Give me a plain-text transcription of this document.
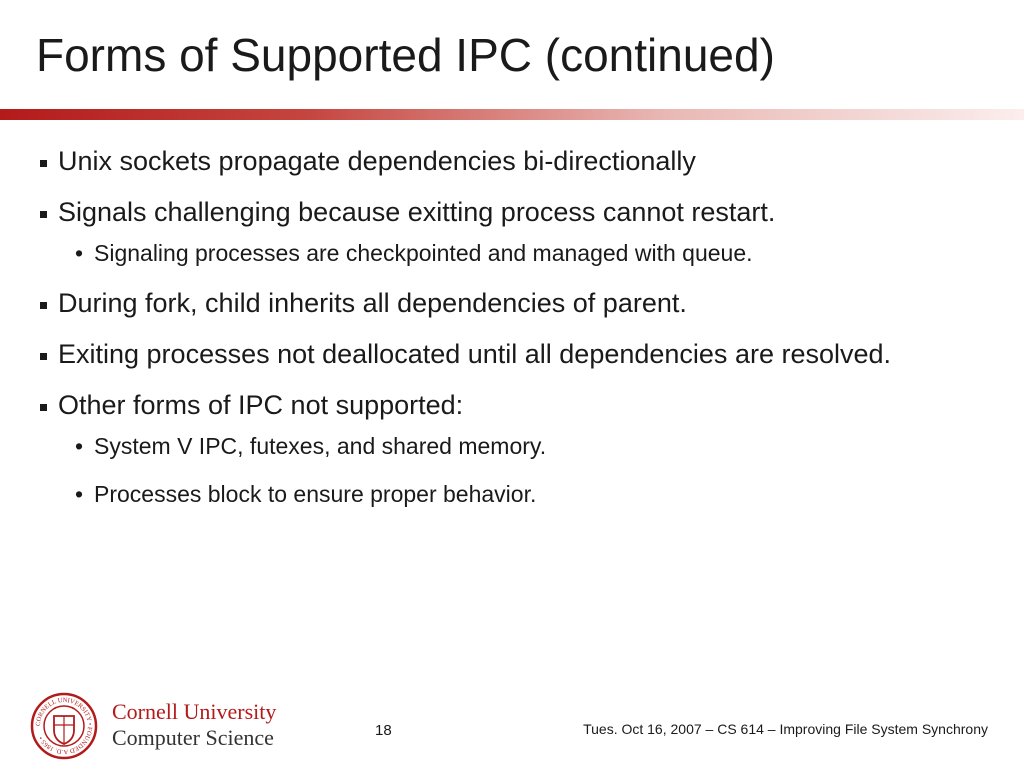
Forms of Supported IPC (continued)
Unix sockets propagate dependencies bi-directionally
Signals challenging because exitting process cannot restart.
• Signaling processes are checkpointed and managed with queue.
During fork, child inherits all dependencies of parent.
Exiting processes not deallocated until all dependencies are resolved.
Other forms of IPC not supported:
• System V IPC, futexes, and shared memory.
• Processes block to ensure proper behavior.
CORNELL UNIVERSITY • FOUNDED A.D. 1865 •
Cornell University
Computer Science	18	Tues. Oct 16, 2007 – CS 614 – Improving File System Synchrony
